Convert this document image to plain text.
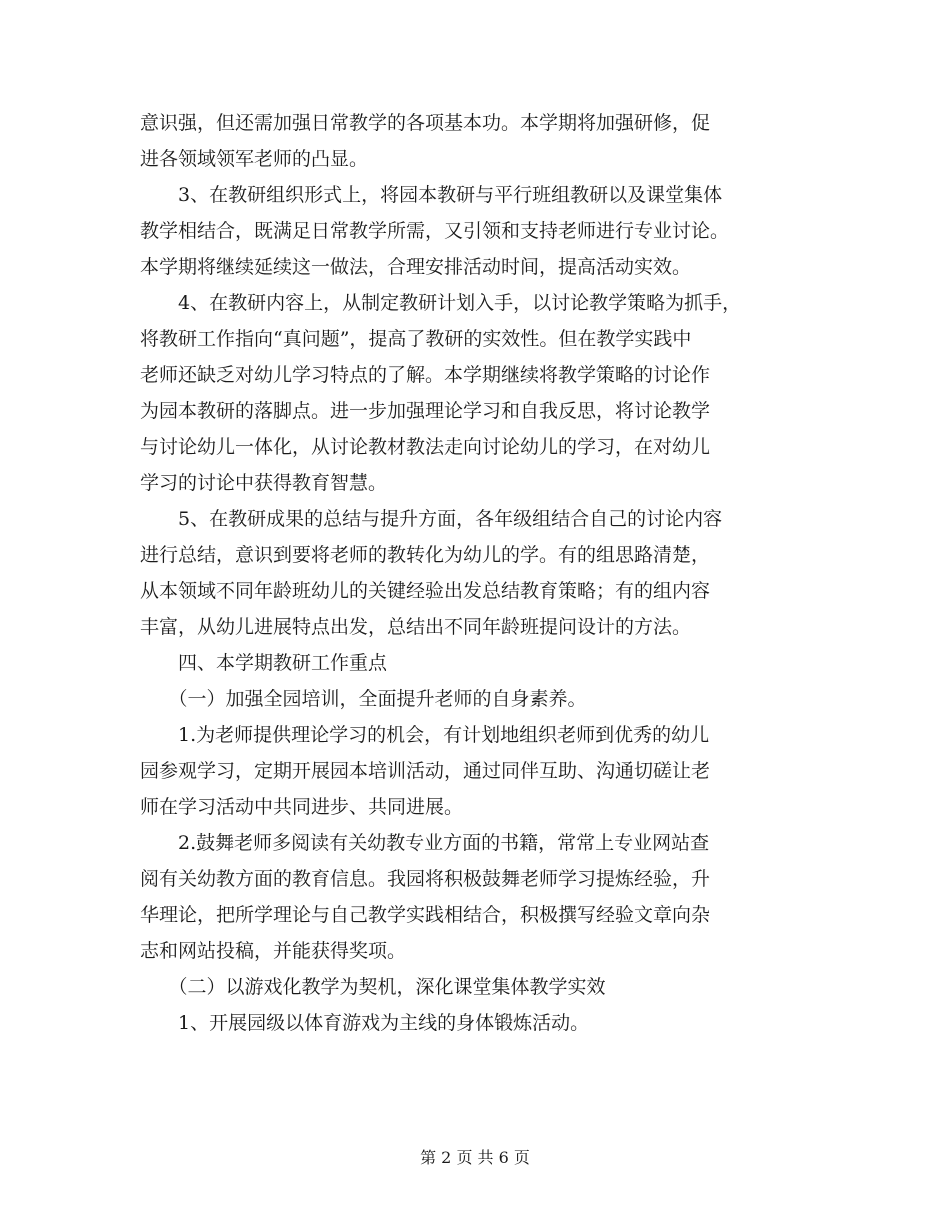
意识强，但还需加强日常教学的各项基本功。本学期将加强研修，促
进各领域领军老师的凸显。
　　3、在教研组织形式上，将园本教研与平行班组教研以及课堂集体
教学相结合，既满足日常教学所需，又引领和支持老师进行专业讨论。
本学期将继续延续这一做法，合理安排活动时间，提高活动实效。
　　4、在教研内容上，从制定教研计划入手，以讨论教学策略为抓手，
将教研工作指向“真问题”，提高了教研的实效性。但在教学实践中
老师还缺乏对幼儿学习特点的了解。本学期继续将教学策略的讨论作
为园本教研的落脚点。进一步加强理论学习和自我反思，将讨论教学
与讨论幼儿一体化，从讨论教材教法走向讨论幼儿的学习，在对幼儿
学习的讨论中获得教育智慧。
　　5、在教研成果的总结与提升方面，各年级组结合自己的讨论内容
进行总结，意识到要将老师的教转化为幼儿的学。有的组思路清楚，
从本领域不同年龄班幼儿的关键经验出发总结教育策略；有的组内容
丰富，从幼儿进展特点出发，总结出不同年龄班提问设计的方法。
　　四、本学期教研工作重点
　　（一）加强全园培训，全面提升老师的自身素养。
　　1.为老师提供理论学习的机会，有计划地组织老师到优秀的幼儿
园参观学习，定期开展园本培训活动，通过同伴互助、沟通切磋让老
师在学习活动中共同进步、共同进展。
　　2.鼓舞老师多阅读有关幼教专业方面的书籍，常常上专业网站查
阅有关幼教方面的教育信息。我园将积极鼓舞老师学习提炼经验，升
华理论，把所学理论与自己教学实践相结合，积极撰写经验文章向杂
志和网站投稿，并能获得奖项。
　　（二）以游戏化教学为契机，深化课堂集体教学实效
　　1、开展园级以体育游戏为主线的身体锻炼活动。
第 2 页 共 6 页
